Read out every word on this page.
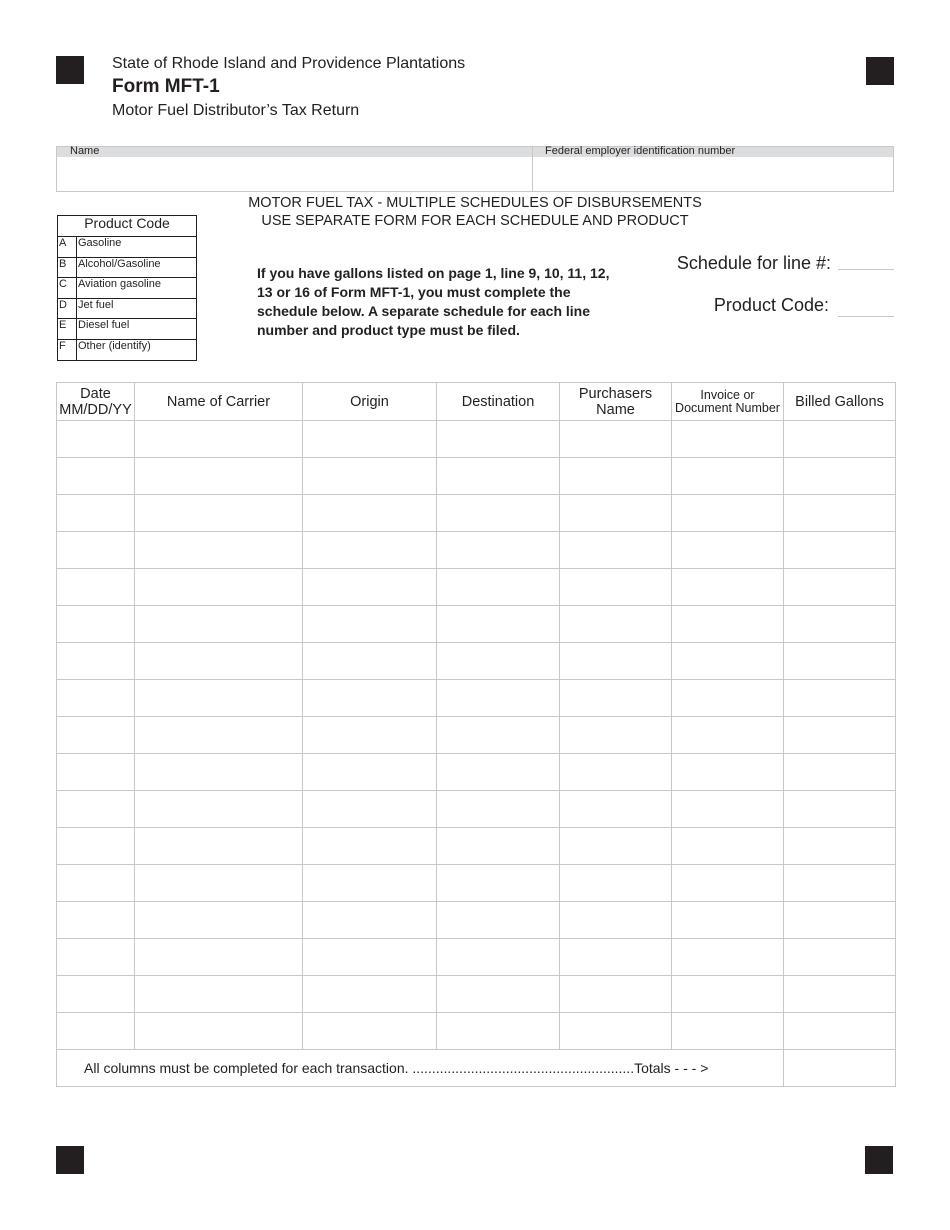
State of Rhode Island and Providence Plantations
Form MFT-1
Motor Fuel Distributor’s Tax Return
Name	Federal employer identification number
MOTOR FUEL TAX - MULTIPLE SCHEDULES OF DISBURSEMENTS
USE SEPARATE FORM FOR EACH SCHEDULE AND PRODUCT
Product Code	
A	Gasoline
B	Alcohol/Gasoline
C	Aviation gasoline
D	Jet fuel
E	Diesel fuel
F	Other (identify)
If you have gallons listed on page 1, line 9, 10, 11, 12, 13 or 16 of Form MFT-1, you must complete the schedule below. A separate schedule for each line number and product type must be filed.
Schedule for line #:
Product Code:
Date MM/DD/YY	Name of Carrier	Origin	Destination	Purchasers Name	Invoice or Document Number	Billed Gallons

All columns must be completed for each transaction. .........................................................Totals - - - >						
